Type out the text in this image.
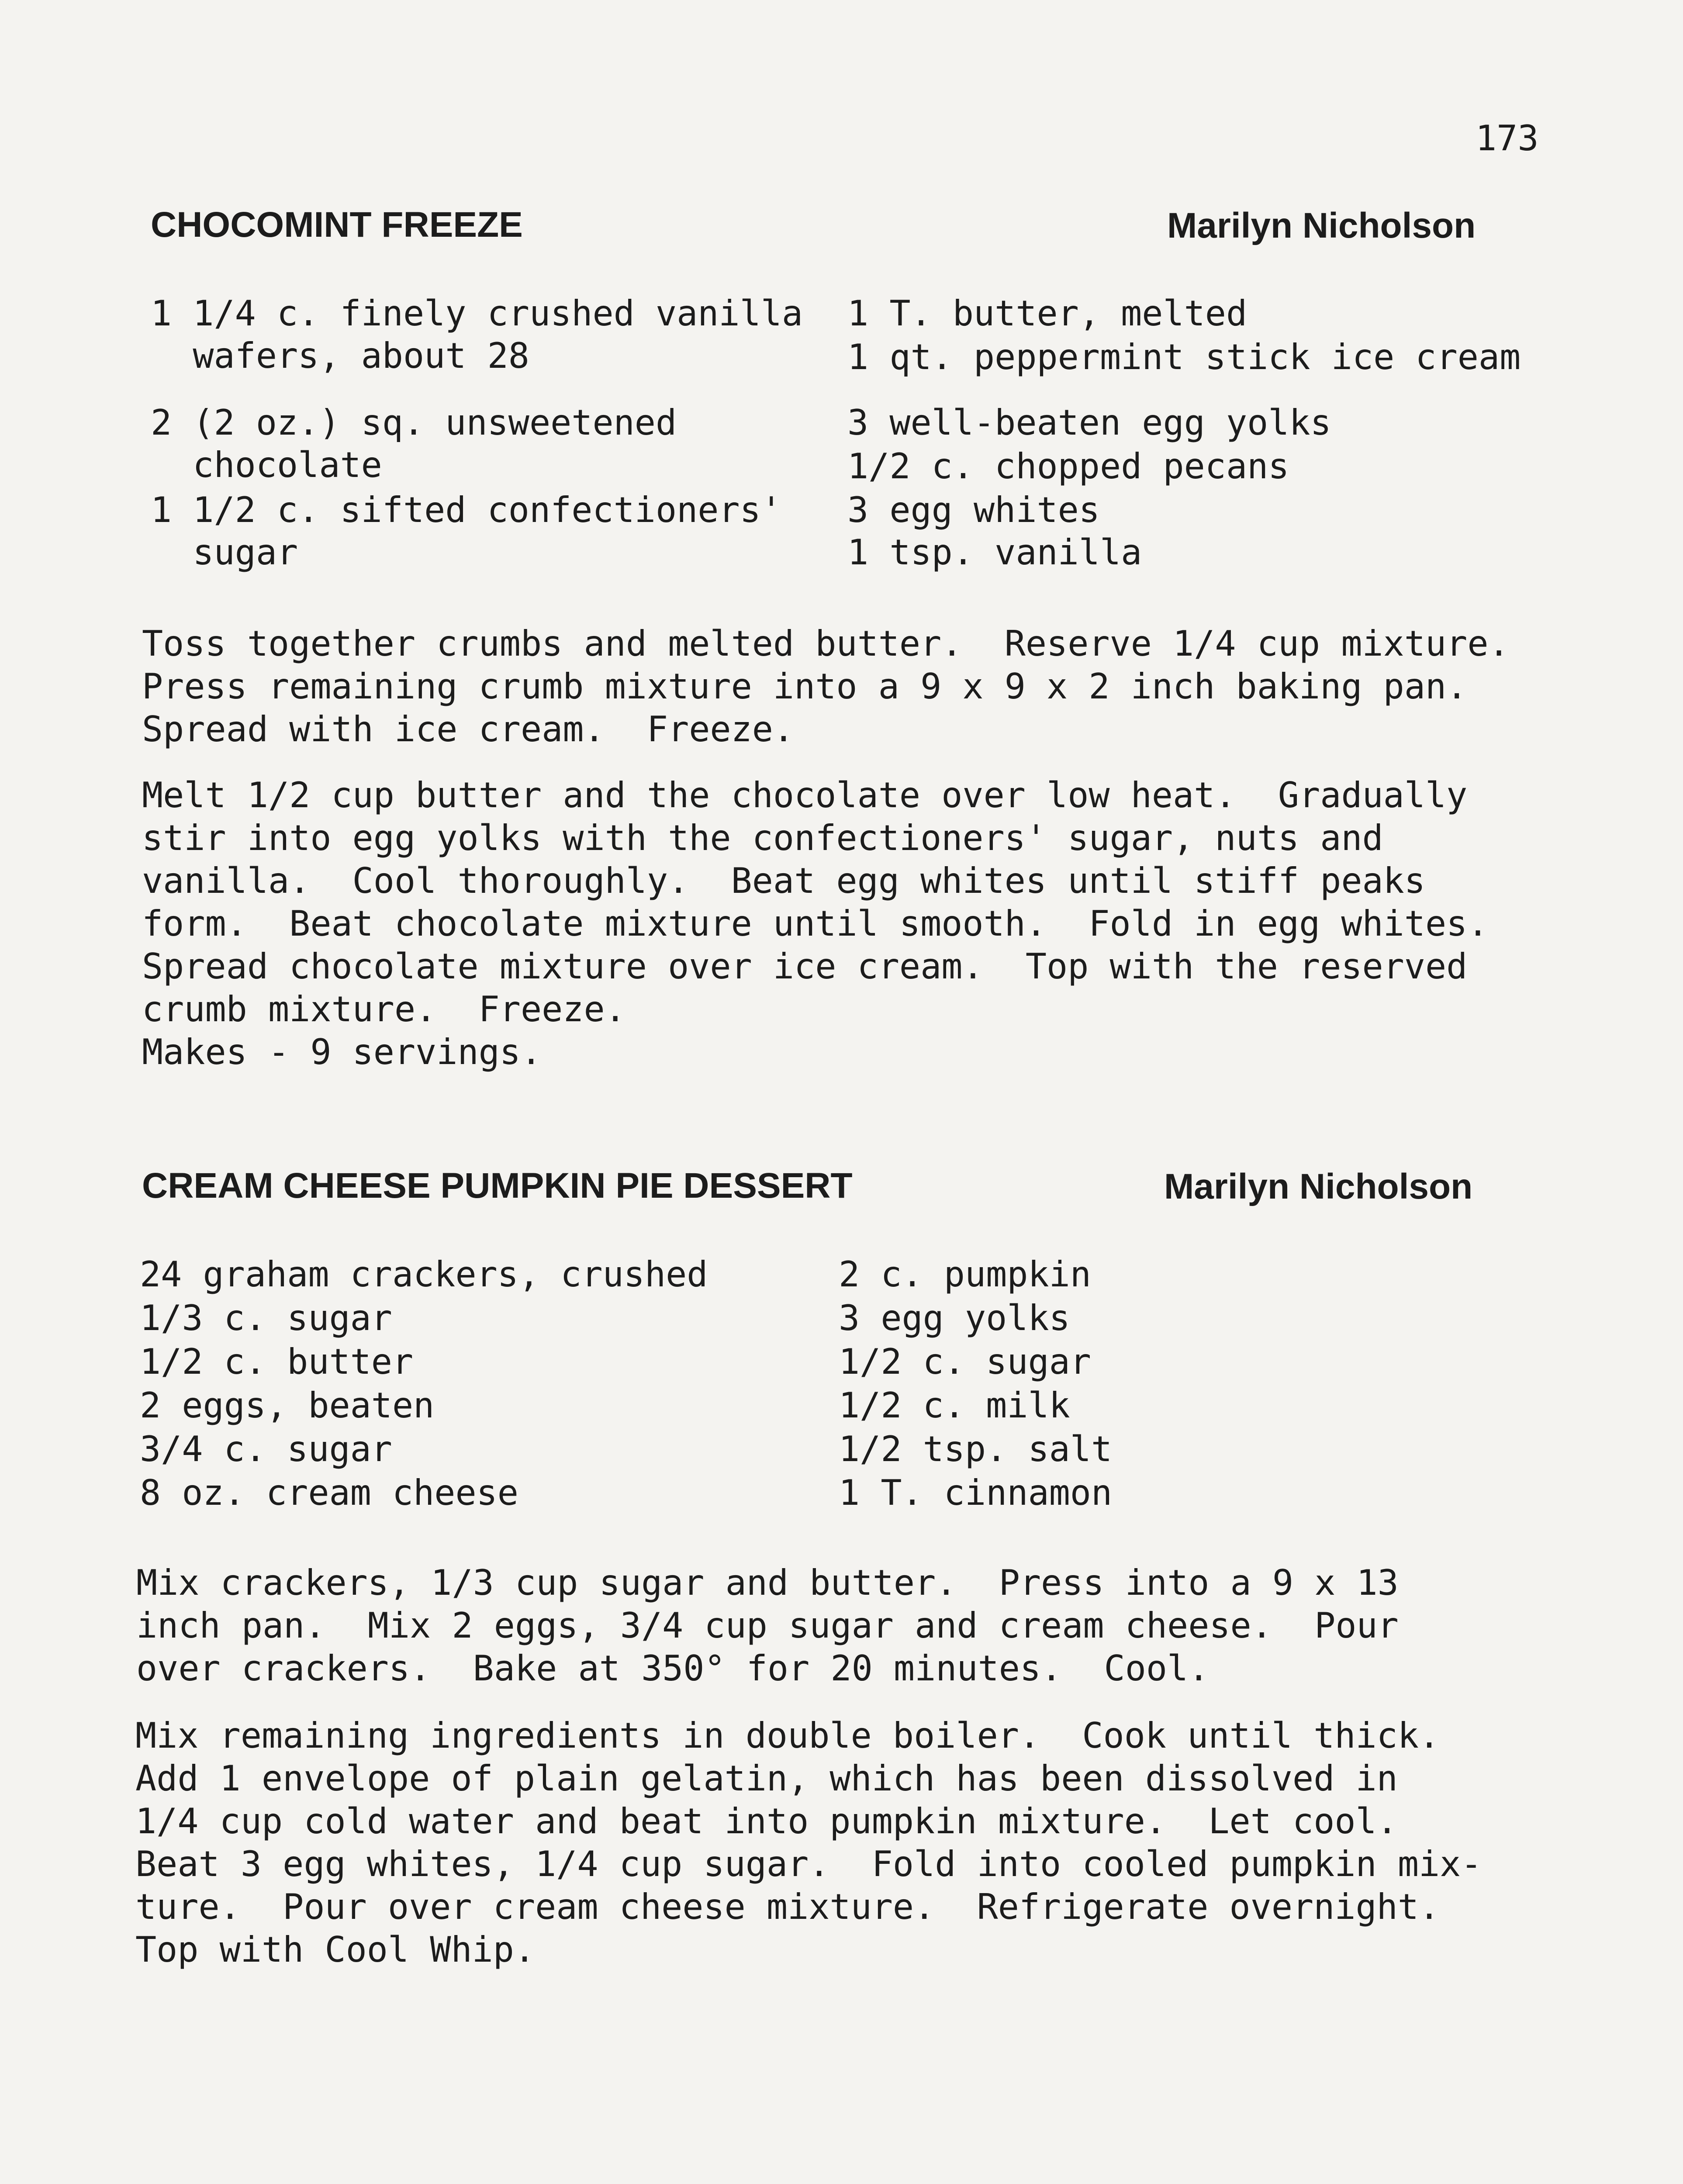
173
CHOCOMINT FREEZE	Marilyn Nicholson
1 1/4 c. finely crushed vanilla
wafers, about 28
2 (2 oz.) sq. unsweetened
chocolate
1 1/2 c. sifted confectioners'
sugar
1 T. butter, melted
1 qt. peppermint stick ice cream
3 well-beaten egg yolks
1/2 c. chopped pecans
3 egg whites
1 tsp. vanilla
Toss together crumbs and melted butter.  Reserve 1/4 cup mixture.
Press remaining crumb mixture into a 9 x 9 x 2 inch baking pan.
Spread with ice cream.  Freeze.
Melt 1/2 cup butter and the chocolate over low heat.  Gradually
stir into egg yolks with the confectioners' sugar, nuts and
vanilla.  Cool thoroughly.  Beat egg whites until stiff peaks
form.  Beat chocolate mixture until smooth.  Fold in egg whites.
Spread chocolate mixture over ice cream.  Top with the reserved
crumb mixture.  Freeze.
Makes - 9 servings.
CREAM CHEESE PUMPKIN PIE DESSERT	Marilyn Nicholson
24 graham crackers, crushed
1/3 c. sugar
1/2 c. butter
2 eggs, beaten
3/4 c. sugar
8 oz. cream cheese
2 c. pumpkin
3 egg yolks
1/2 c. sugar
1/2 c. milk
1/2 tsp. salt
1 T. cinnamon
Mix crackers, 1/3 cup sugar and butter.  Press into a 9 x 13
inch pan.  Mix 2 eggs, 3/4 cup sugar and cream cheese.  Pour
over crackers.  Bake at 350° for 20 minutes.  Cool.
Mix remaining ingredients in double boiler.  Cook until thick.
Add 1 envelope of plain gelatin, which has been dissolved in
1/4 cup cold water and beat into pumpkin mixture.  Let cool.
Beat 3 egg whites, 1/4 cup sugar.  Fold into cooled pumpkin mix-
ture.  Pour over cream cheese mixture.  Refrigerate overnight.
Top with Cool Whip.
